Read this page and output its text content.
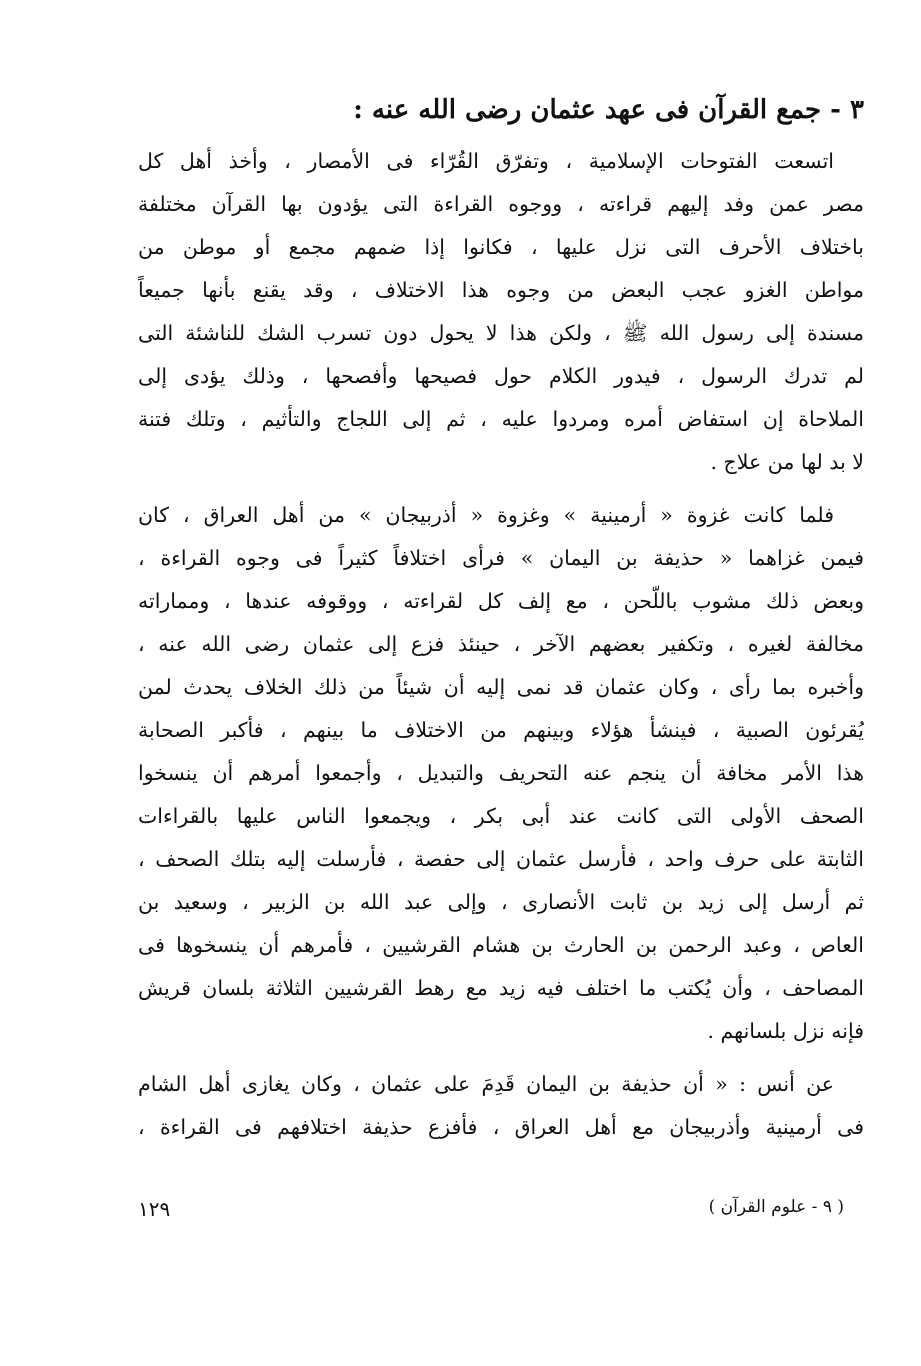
٣ - جمع القرآن فى عهد عثمان رضى الله عنه :
اتسعت الفتوحات الإسلامية ، وتفرّق القُرّاء فى الأمصار ، وأخذ أهل كل
مصر عمن وفد إليهم قراءته ، ووجوه القراءة التى يؤدون بها القرآن مختلفة
باختلاف الأحرف التى نزل عليها ، فكانوا إذا ضمهم مجمع أو موطن من
مواطن الغزو عجب البعض من وجوه هذا الاختلاف ، وقد يقنع بأنها جميعاً
مسندة إلى رسول الله ﷺ ، ولكن هذا لا يحول دون تسرب الشك للناشئة التى
لم تدرك الرسول ، فيدور الكلام حول فصيحها وأفصحها ، وذلك يؤدى إلى
الملاحاة إن استفاض أمره ومردوا عليه ، ثم إلى اللجاج والتأثيم ، وتلك فتنة
لا بد لها من علاج .
فلما كانت غزوة « أرمينية » وغزوة « أذربيجان » من أهل العراق ، كان
فيمن غزاهما « حذيفة بن اليمان » فرأى اختلافاً كثيراً فى وجوه القراءة ،
وبعض ذلك مشوب باللّحن ، مع إلف كل لقراءته ، ووقوفه عندها ، ومماراته
مخالفة لغيره ، وتكفير بعضهم الآخر ، حينئذ فزع إلى عثمان رضى الله عنه ،
وأخبره بما رأى ، وكان عثمان قد نمى إليه أن شيئاً من ذلك الخلاف يحدث لمن
يُقرئون الصبية ، فينشأ هؤلاء وبينهم من الاختلاف ما بينهم ، فأكبر الصحابة
هذا الأمر مخافة أن ينجم عنه التحريف والتبديل ، وأجمعوا أمرهم أن ينسخوا
الصحف الأولى التى كانت عند أبى بكر ، ويجمعوا الناس عليها بالقراءات
الثابتة على حرف واحد ، فأرسل عثمان إلى حفصة ، فأرسلت إليه بتلك الصحف ،
ثم أرسل إلى زيد بن ثابت الأنصارى ، وإلى عبد الله بن الزبير ، وسعيد بن
العاص ، وعبد الرحمن بن الحارث بن هشام القرشيين ، فأمرهم أن ينسخوها فى
المصاحف ، وأن يُكتب ما اختلف فيه زيد مع رهط القرشيين الثلاثة بلسان قريش
فإنه نزل بلسانهم .
عن أنس : « أن حذيفة بن اليمان قَدِمَ على عثمان ، وكان يغازى أهل الشام
فى أرمينية وأذربيجان مع أهل العراق ، فأفزع حذيفة اختلافهم فى القراءة ،
( ٩ - علوم القرآن )
١٢٩
